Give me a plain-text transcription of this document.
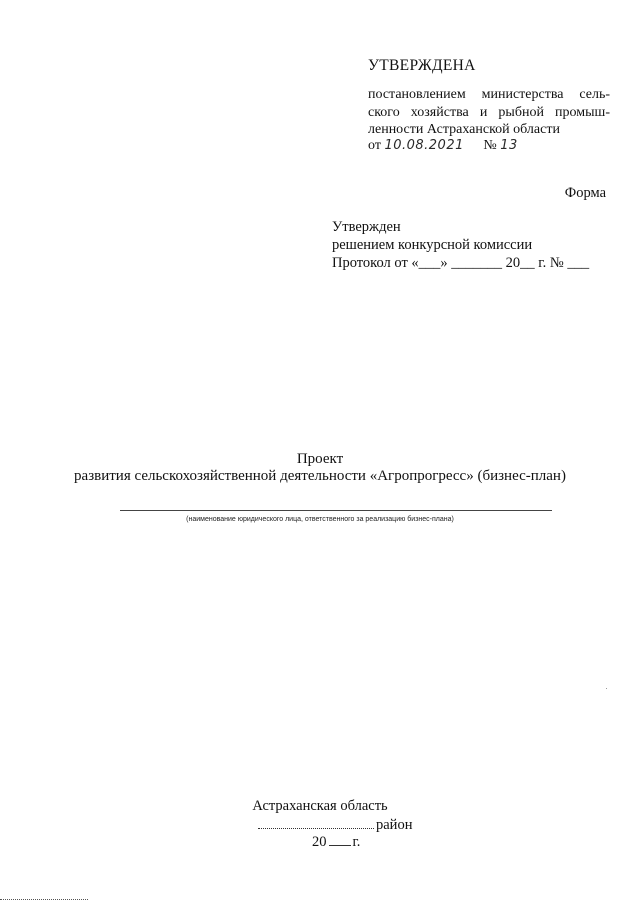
УТВЕРЖДЕНА
постановлением министерства сель-
ского хозяйства и рыбной промыш-
ленности Астраханской области
от 10.08.2021 № 13
Форма
Утвержден
решением конкурсной комиссии
Протокол от «___» _______ 20__ г. № ___
Проект
развития сельскохозяйственной деятельности «Агропрогресс» (бизнес-план)
(наименование юридического лица, ответственного за реализацию бизнес-плана)
Астраханская область
район
20 г.
